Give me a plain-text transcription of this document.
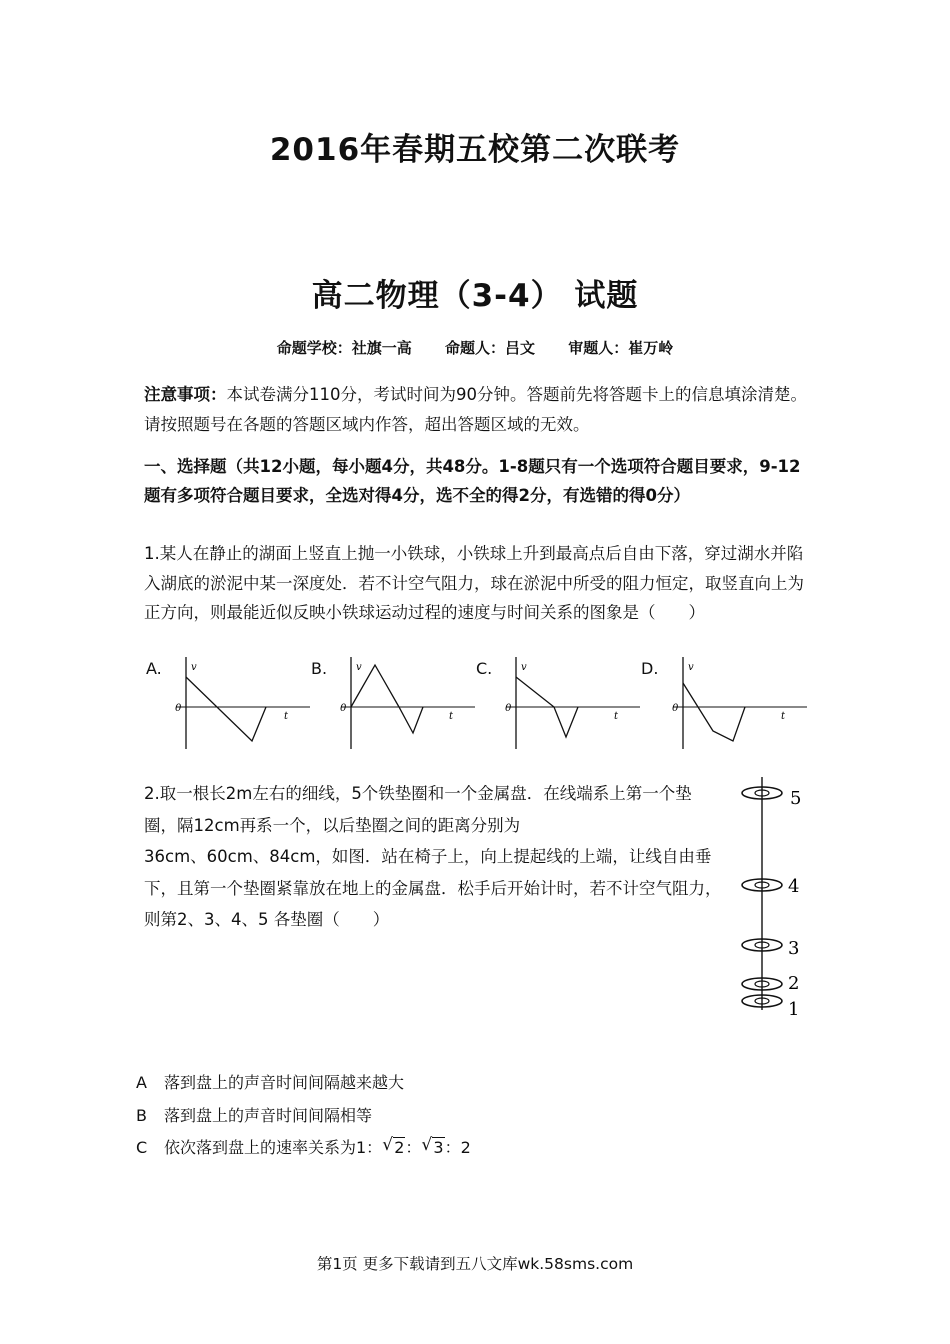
2016年春期五校第二次联考
高二物理（3-4） 试题
命题学校：社旗一高 命题人：吕文 审题人：崔万岭
注意事项：本试卷满分110分，考试时间为90分钟。答题前先将答题卡上的信息填涂清楚。请按照题号在各题的答题区域内作答，超出答题区域的无效。
一、选择题（共12小题，每小题4分，共48分。1-8题只有一个选项符合题目要求，9-12题有多项符合题目要求，全选对得4分，选不全的得2分，有选错的得0分）
1.某人在静止的湖面上竖直上抛一小铁球，小铁球上升到最高点后自由下落，穿过湖水并陷入湖底的淤泥中某一深度处．若不计空气阻力，球在淤泥中所受的阻力恒定，取竖直向上为正方向，则最能近似反映小铁球运动过程的速度与时间关系的图象是（　　）
A.	v
0
t
B.	v
0
t
C.	v
0
t
D.	v
0
t
2.取一根长2m左右的细线，5个铁垫圈和一个金属盘．在线端系上第一个垫圈，隔12cm再系一个，以后垫圈之间的距离分别为
36cm、60cm、84cm，如图．站在椅子上，向上提起线的上端，让线自由垂下，且第一个垫圈紧靠放在地上的金属盘．松手后开始计时，若不计空气阻力，则第2、3、4、5 各垫圈（　　）
5
4
3
2
1
A 落到盘上的声音时间间隔越来越大
B 落到盘上的声音时间间隔相等
C 依次落到盘上的速率关系为1： √ 2： √ 3：2
第1页 更多下载请到五八文库wk.58sms.com
